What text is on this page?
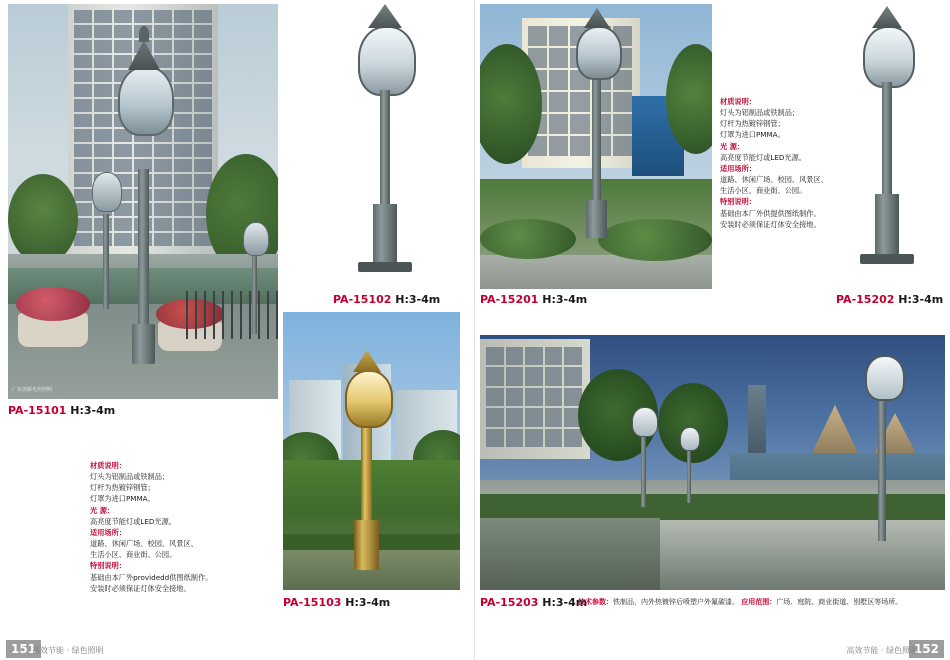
广东创新光伏照明
PA-15101 H:3-4m
材质说明：
灯头为铝制品或铁制品；
灯杆为热镀锌钢管；
灯罩为进口PMMA。
光 源：
高亮度节能灯或LED光源。
适用场所：
道路、休闲广场、校园、风景区、
生活小区、商业街、公园。
特别说明：
基础由本厂外providedd供图纸制作。
安装时必须保证灯体安全接地。
PA-15102 H:3-4m	PA-15201 H:3-4m
材质说明：
灯头为铝制品或铁制品；
灯杆为热镀锌钢管；
灯罩为进口PMMA。
光 源：
高亮度节能灯或LED光源。
适用场所：
道路、休闲广场、校园、风景区、
生活小区、商业街、公园。
特别说明：
基础由本厂外供提供图纸制作。
安装时必须保证灯体安全接地。
PA-15202 H:3-4m
PA-15103 H:3-4m	PA-15203 H:3-4m
技术参数：铁制品，内外热镀锌后喷塑户外氟碳漆。 应用范围：广场、庭院、商业街道、别墅区等场所。
151
高效节能 · 绿色照明	152
高效节能 · 绿色照明
